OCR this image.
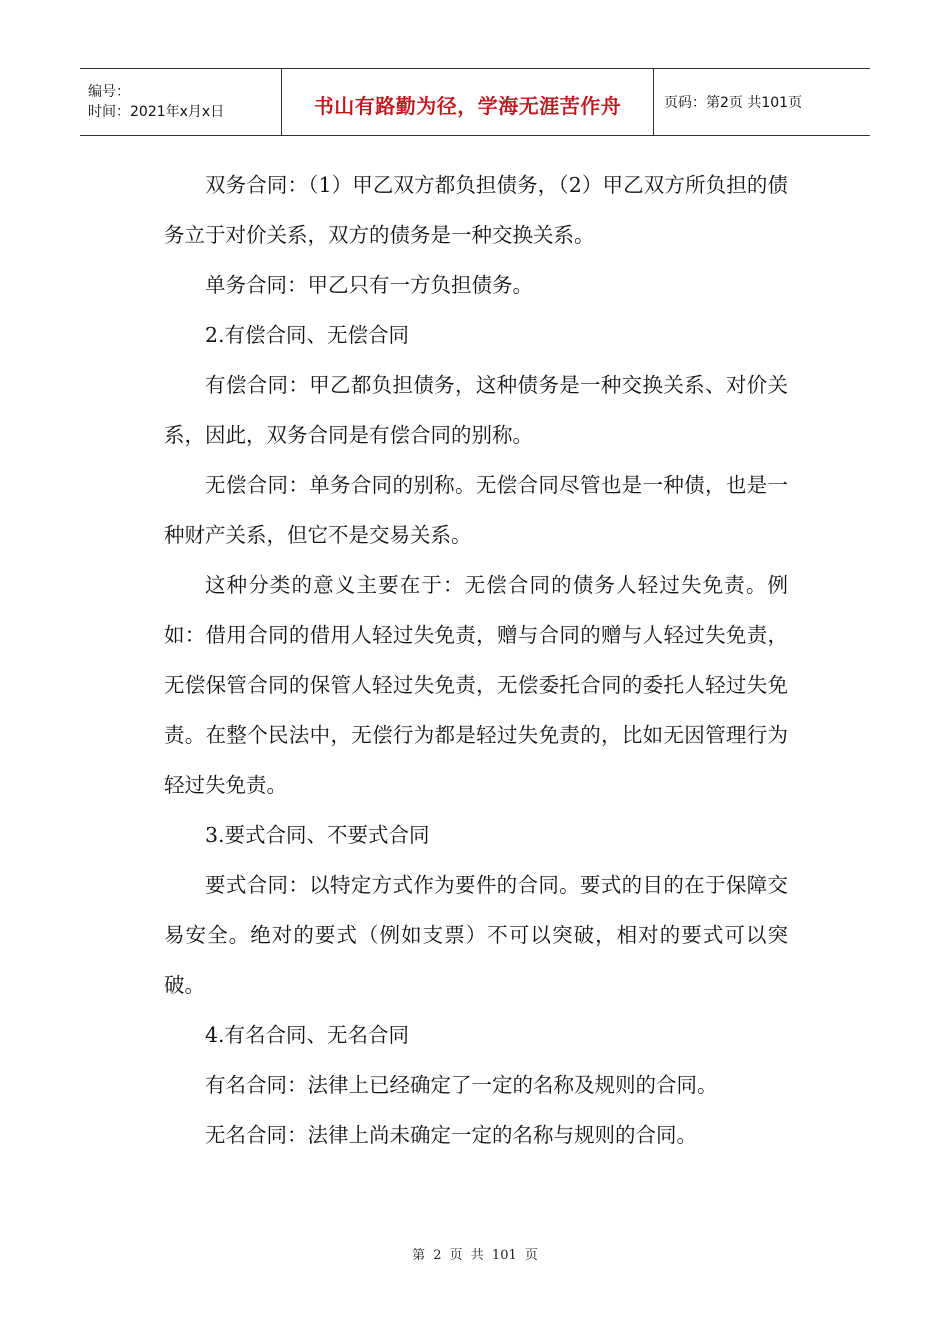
编号：
时间：2021年x月x日	书山有路勤为径，学海无涯苦作舟	页码：第2页 共101页

双务合同：（1）甲乙双方都负担债务，（2）甲乙双方所负担的债务立于对价关系，双方的债务是一种交换关系。

单务合同：甲乙只有一方负担债务。

2.有偿合同、无偿合同

有偿合同：甲乙都负担债务，这种债务是一种交换关系、对价关系，因此，双务合同是有偿合同的别称。

无偿合同：单务合同的别称。无偿合同尽管也是一种债，也是一种财产关系，但它不是交易关系。

这种分类的意义主要在于：无偿合同的债务人轻过失免责。例如：借用合同的借用人轻过失免责，赠与合同的赠与人轻过失免责，无偿保管合同的保管人轻过失免责，无偿委托合同的委托人轻过失免责。在整个民法中，无偿行为都是轻过失免责的，比如无因管理行为轻过失免责。

3.要式合同、不要式合同

要式合同：以特定方式作为要件的合同。要式的目的在于保障交易安全。绝对的要式（例如支票）不可以突破，相对的要式可以突破。

4.有名合同、无名合同

有名合同：法律上已经确定了一定的名称及规则的合同。

无名合同：法律上尚未确定一定的名称与规则的合同。

第 2 页 共 101 页
